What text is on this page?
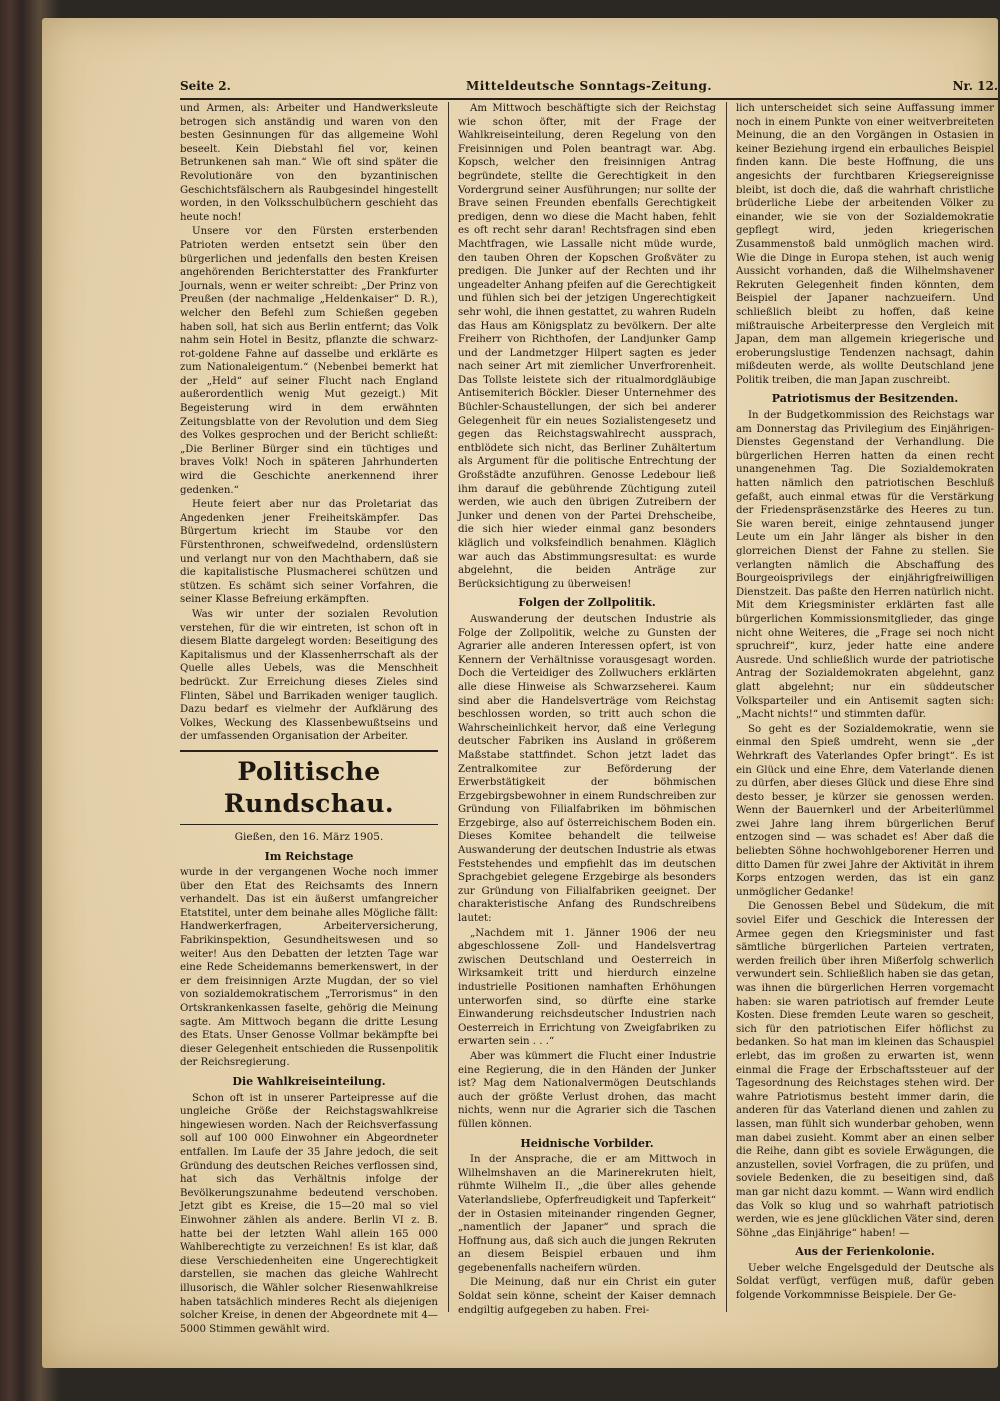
Mitteldeutsche Sonntags-Zeitung.
Seite 2.	Nr. 12.

und Armen, als: Arbeiter und Handwerksleute betrogen sich anständig und waren von den besten Gesinnungen für das allgemeine Wohl beseelt. Kein Diebstahl fiel vor, keinen Betrunkenen sah man.“ Wie oft sind später die Revolutionäre von den byzantinischen Geschichtsfälschern als Raubgesindel hingestellt worden, in den Volksschulbüchern geschieht das heute noch!

Unsere vor den Fürsten ersterbenden Patrioten werden entsetzt sein über den bürgerlichen und jedenfalls den besten Kreisen angehörenden Berichterstatter des Frankfurter Journals, wenn er weiter schreibt: „Der Prinz von Preußen (der nachmalige „Heldenkaiser“ D. R.), welcher den Befehl zum Schießen gegeben haben soll, hat sich aus Berlin entfernt; das Volk nahm sein Hotel in Besitz, pflanzte die schwarz-rot-goldene Fahne auf dasselbe und erklärte es zum Nationaleigentum.“ (Nebenbei bemerkt hat der „Held“ auf seiner Flucht nach England außerordentlich wenig Mut gezeigt.) Mit Begeisterung wird in dem erwähnten Zeitungsblatte von der Revolution und dem Sieg des Volkes gesprochen und der Bericht schließt: „Die Berliner Bürger sind ein tüchtiges und braves Volk! Noch in späteren Jahrhunderten wird die Geschichte anerkennend ihrer gedenken.“

Heute feiert aber nur das Proletariat das Angedenken jener Freiheitskämpfer. Das Bürgertum kriecht im Staube vor den Fürstenthronen, schweifwedelnd, ordenslüstern und verlangt nur von den Machthabern, daß sie die kapitalistische Plusmacherei schützen und stützen. Es schämt sich seiner Vorfahren, die seiner Klasse Befreiung erkämpften.

Was wir unter der sozialen Revolution verstehen, für die wir eintreten, ist schon oft in diesem Blatte dargelegt worden: Beseitigung des Kapitalismus und der Klassenherrschaft als der Quelle alles Uebels, was die Menschheit bedrückt. Zur Erreichung dieses Zieles sind Flinten, Säbel und Barrikaden weniger tauglich. Dazu bedarf es vielmehr der Aufklärung des Volkes, Weckung des Klassenbewußtseins und der umfassenden Organisation der Arbeiter.

Politische Rundschau.
Gießen, den 16. März 1905.
Im Reichstage

wurde in der vergangenen Woche noch immer über den Etat des Reichsamts des Innern verhandelt. Das ist ein äußerst umfangreicher Etatstitel, unter dem beinahe alles Mögliche fällt: Handwerkerfragen, Arbeiterversicherung, Fabrikinspektion, Gesundheitswesen und so weiter! Aus den Debatten der letzten Tage war eine Rede Scheidemanns bemerkenswert, in der er dem freisinnigen Arzte Mugdan, der so viel von sozialdemokratischem „Terrorismus“ in den Ortskrankenkassen faselte, gehörig die Meinung sagte. Am Mittwoch begann die dritte Lesung des Etats. Unser Genosse Vollmar bekämpfte bei dieser Gelegenheit entschieden die Russenpolitik der Reichsregierung.

Die Wahlkreiseinteilung.

Schon oft ist in unserer Parteipresse auf die ungleiche Größe der Reichstagswahlkreise hingewiesen worden. Nach der Reichsverfassung soll auf 100 000 Einwohner ein Abgeordneter entfallen. Im Laufe der 35 Jahre jedoch, die seit Gründung des deutschen Reiches verflossen sind, hat sich das Verhältnis infolge der Bevölkerungszunahme bedeutend verschoben. Jetzt gibt es Kreise, die 15—20 mal so viel Einwohner zählen als andere. Berlin VI z. B. hatte bei der letzten Wahl allein 165 000 Wahlberechtigte zu verzeichnen! Es ist klar, daß diese Verschiedenheiten eine Ungerechtigkeit darstellen, sie machen das gleiche Wahlrecht illusorisch, die Wähler solcher Riesenwahlkreise haben tatsächlich minderes Recht als diejenigen solcher Kreise, in denen der Abgeordnete mit 4—5000 Stimmen gewählt wird.

Am Mittwoch beschäftigte sich der Reichstag wie schon öfter, mit der Frage der Wahlkreiseinteilung, deren Regelung von den Freisinnigen und Polen beantragt war. Abg. Kopsch, welcher den freisinnigen Antrag begründete, stellte die Gerechtigkeit in den Vordergrund seiner Ausführungen; nur sollte der Brave seinen Freunden ebenfalls Gerechtigkeit predigen, denn wo diese die Macht haben, fehlt es oft recht sehr daran! Rechtsfragen sind eben Machtfragen, wie Lassalle nicht müde wurde, den tauben Ohren der Kopschen Großväter zu predigen. Die Junker auf der Rechten und ihr ungeadelter Anhang pfeifen auf die Gerechtigkeit und fühlen sich bei der jetzigen Ungerechtigkeit sehr wohl, die ihnen gestattet, zu wahren Rudeln das Haus am Königsplatz zu bevölkern. Der alte Freiherr von Richthofen, der Landjunker Gamp und der Landmetzger Hilpert sagten es jeder nach seiner Art mit ziemlicher Unverfrorenheit. Das Tollste leistete sich der ritualmordgläubige Antisemiterich Böckler. Dieser Unternehmer des Büchler-Schaustellungen, der sich bei anderer Gelegenheit für ein neues Sozialistengesetz und gegen das Reichstagswahlrecht aussprach, entblödete sich nicht, das Berliner Zuhältertum als Argument für die politische Entrechtung der Großstädte anzuführen. Genosse Ledebour ließ ihm darauf die gebührende Züchtigung zuteil werden, wie auch den übrigen Zutreibern der Junker und denen von der Partei Drehscheibe, die sich hier wieder einmal ganz besonders kläglich und volksfeindlich benahmen. Kläglich war auch das Abstimmungsresultat: es wurde abgelehnt, die beiden Anträge zur Berücksichtigung zu überweisen!

Folgen der Zollpolitik.

Auswanderung der deutschen Industrie als Folge der Zollpolitik, welche zu Gunsten der Agrarier alle anderen Interessen opfert, ist von Kennern der Verhältnisse vorausgesagt worden. Doch die Verteidiger des Zollwuchers erklärten alle diese Hinweise als Schwarzseherei. Kaum sind aber die Handelsverträge vom Reichstag beschlossen worden, so tritt auch schon die Wahrscheinlichkeit hervor, daß eine Verlegung deutscher Fabriken ins Ausland in größerem Maßstabe stattfindet. Schon jetzt ladet das Zentralkomitee zur Beförderung der Erwerbstätigkeit der böhmischen Erzgebirgsbewohner in einem Rundschreiben zur Gründung von Filialfabriken im böhmischen Erzgebirge, also auf österreichischem Boden ein. Dieses Komitee behandelt die teilweise Auswanderung der deutschen Industrie als etwas Feststehendes und empfiehlt das im deutschen Sprachgebiet gelegene Erzgebirge als besonders zur Gründung von Filialfabriken geeignet. Der charakteristische Anfang des Rundschreibens lautet:

„Nachdem mit 1. Jänner 1906 der neu abgeschlossene Zoll- und Handelsvertrag zwischen Deutschland und Oesterreich in Wirksamkeit tritt und hierdurch einzelne industrielle Positionen namhaften Erhöhungen unterworfen sind, so dürfte eine starke Einwanderung reichsdeutscher Industrien nach Oesterreich in Errichtung von Zweigfabriken zu erwarten sein . . .“

Aber was kümmert die Flucht einer Industrie eine Regierung, die in den Händen der Junker ist? Mag dem Nationalvermögen Deutschlands auch der größte Verlust drohen, das macht nichts, wenn nur die Agrarier sich die Taschen füllen können.

Heidnische Vorbilder.

In der Ansprache, die er am Mittwoch in Wilhelmshaven an die Marinerekruten hielt, rühmte Wilhelm II., „die über alles gehende Vaterlandsliebe, Opferfreudigkeit und Tapferkeit“ der in Ostasien miteinander ringenden Gegner, „namentlich der Japaner“ und sprach die Hoffnung aus, daß sich auch die jungen Rekruten an diesem Beispiel erbauen und ihm gegebenenfalls nacheifern würden.

Die Meinung, daß nur ein Christ ein guter Soldat sein könne, scheint der Kaiser demnach endgiltig aufgegeben zu haben. Frei-

lich unterscheidet sich seine Auffassung immer noch in einem Punkte von einer weitverbreiteten Meinung, die an den Vorgängen in Ostasien in keiner Beziehung irgend ein erbauliches Beispiel finden kann. Die beste Hoffnung, die uns angesichts der furchtbaren Kriegsereignisse bleibt, ist doch die, daß die wahrhaft christliche brüderliche Liebe der arbeitenden Völker zu einander, wie sie von der Sozialdemokratie gepflegt wird, jeden kriegerischen Zusammenstoß bald unmöglich machen wird. Wie die Dinge in Europa stehen, ist auch wenig Aussicht vorhanden, daß die Wilhelmshavener Rekruten Gelegenheit finden könnten, dem Beispiel der Japaner nachzueifern. Und schließlich bleibt zu hoffen, daß keine mißtrauische Arbeiterpresse den Vergleich mit Japan, dem man allgemein kriegerische und eroberungslustige Tendenzen nachsagt, dahin mißdeuten werde, als wollte Deutschland jene Politik treiben, die man Japan zuschreibt.

Patriotismus der Besitzenden.

In der Budgetkommission des Reichstags war am Donnerstag das Privilegium des Einjährigen-Dienstes Gegenstand der Verhandlung. Die bürgerlichen Herren hatten da einen recht unangenehmen Tag. Die Sozialdemokraten hatten nämlich den patriotischen Beschluß gefaßt, auch einmal etwas für die Verstärkung der Friedenspräsenzstärke des Heeres zu tun. Sie waren bereit, einige zehntausend junger Leute um ein Jahr länger als bisher in den glorreichen Dienst der Fahne zu stellen. Sie verlangten nämlich die Abschaffung des Bourgeoisprivilegs der einjährigfreiwilligen Dienstzeit. Das paßte den Herren natürlich nicht. Mit dem Kriegsminister erklärten fast alle bürgerlichen Kommissionsmitglieder, das ginge nicht ohne Weiteres, die „Frage sei noch nicht spruchreif“, kurz, jeder hatte eine andere Ausrede. Und schließlich wurde der patriotische Antrag der Sozialdemokraten abgelehnt, ganz glatt abgelehnt; nur ein süddeutscher Volksparteiler und ein Antisemit sagten sich: „Macht nichts!“ und stimmten dafür.

So geht es der Sozialdemokratie, wenn sie einmal den Spieß umdreht, wenn sie „der Wehrkraft des Vaterlandes Opfer bringt“. Es ist ein Glück und eine Ehre, dem Vaterlande dienen zu dürfen, aber dieses Glück und diese Ehre sind desto besser, je kürzer sie genossen werden. Wenn der Bauernkerl und der Arbeiterlümmel zwei Jahre lang ihrem bürgerlichen Beruf entzogen sind — was schadet es! Aber daß die beliebten Söhne hochwohlgeborener Herren und ditto Damen für zwei Jahre der Aktivität in ihrem Korps entzogen werden, das ist ein ganz unmöglicher Gedanke!

Die Genossen Bebel und Südekum, die mit soviel Eifer und Geschick die Interessen der Armee gegen den Kriegsminister und fast sämtliche bürgerlichen Parteien vertraten, werden freilich über ihren Mißerfolg schwerlich verwundert sein. Schließlich haben sie das getan, was ihnen die bürgerlichen Herren vorgemacht haben: sie waren patriotisch auf fremder Leute Kosten. Diese fremden Leute waren so gescheit, sich für den patriotischen Eifer höflichst zu bedanken. So hat man im kleinen das Schauspiel erlebt, das im großen zu erwarten ist, wenn einmal die Frage der Erbschaftssteuer auf der Tagesordnung des Reichstages stehen wird. Der wahre Patriotismus besteht immer darin, die anderen für das Vaterland dienen und zahlen zu lassen, man fühlt sich wunderbar gehoben, wenn man dabei zusieht. Kommt aber an einen selber die Reihe, dann gibt es soviele Erwägungen, die anzustellen, soviel Vorfragen, die zu prüfen, und soviele Bedenken, die zu beseitigen sind, daß man gar nicht dazu kommt. — Wann wird endlich das Volk so klug und so wahrhaft patriotisch werden, wie es jene glücklichen Väter sind, deren Söhne „das Einjährige“ haben! —

Aus der Ferienkolonie.

Ueber welche Engelsgeduld der Deutsche als Soldat verfügt, verfügen muß, dafür geben folgende Vorkommnisse Beispiele. Der Ge-
